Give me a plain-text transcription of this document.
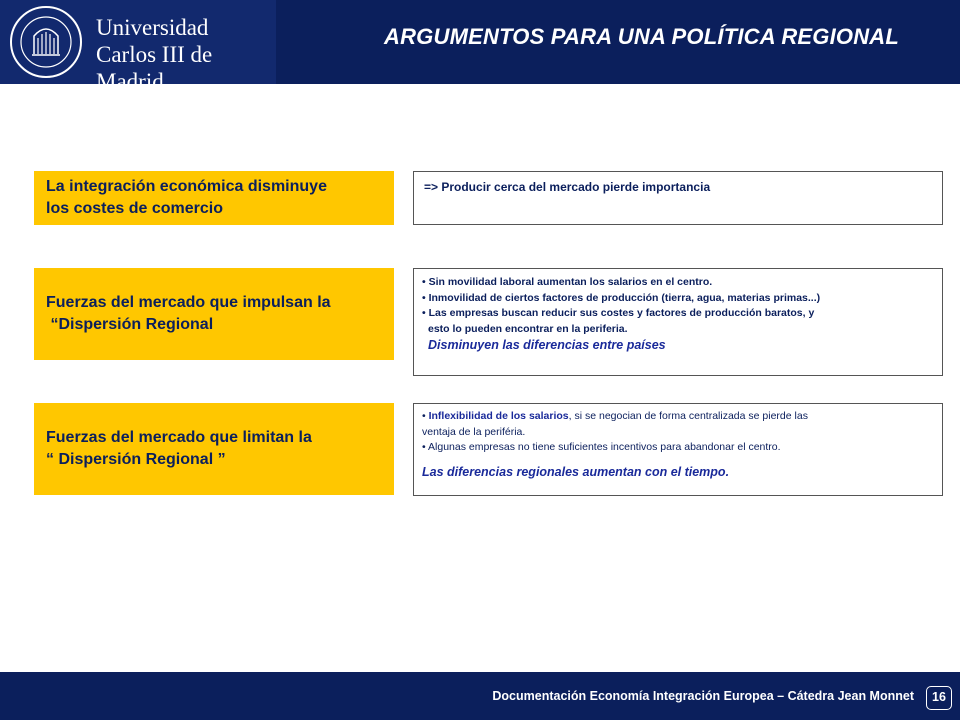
Universidad
Carlos III de Madrid
ARGUMENTOS PARA UNA POLÍTICA REGIONAL
La integración económica disminuye
los costes de comercio
=> Producir cerca del mercado pierde importancia
Fuerzas del mercado que impulsan la
“Dispersión Regional
• Sin movilidad laboral aumentan los salarios en el centro.
• Inmovilidad de ciertos factores de producción (tierra, agua, materias primas...)
• Las empresas buscan reducir sus costes y factores de producción baratos, y
esto lo pueden encontrar en la periferia.
Disminuyen las diferencias entre países
Fuerzas del mercado que limitan la
“ Dispersión Regional ”
• Inflexibilidad de los salarios, si se negocian de forma centralizada se pierde las
ventaja de la periféria.
• Algunas empresas no tiene suficientes incentivos para abandonar el centro.
Las diferencias regionales aumentan con el tiempo.
Documentación Economía Integración Europea – Cátedra Jean Monnet	16
